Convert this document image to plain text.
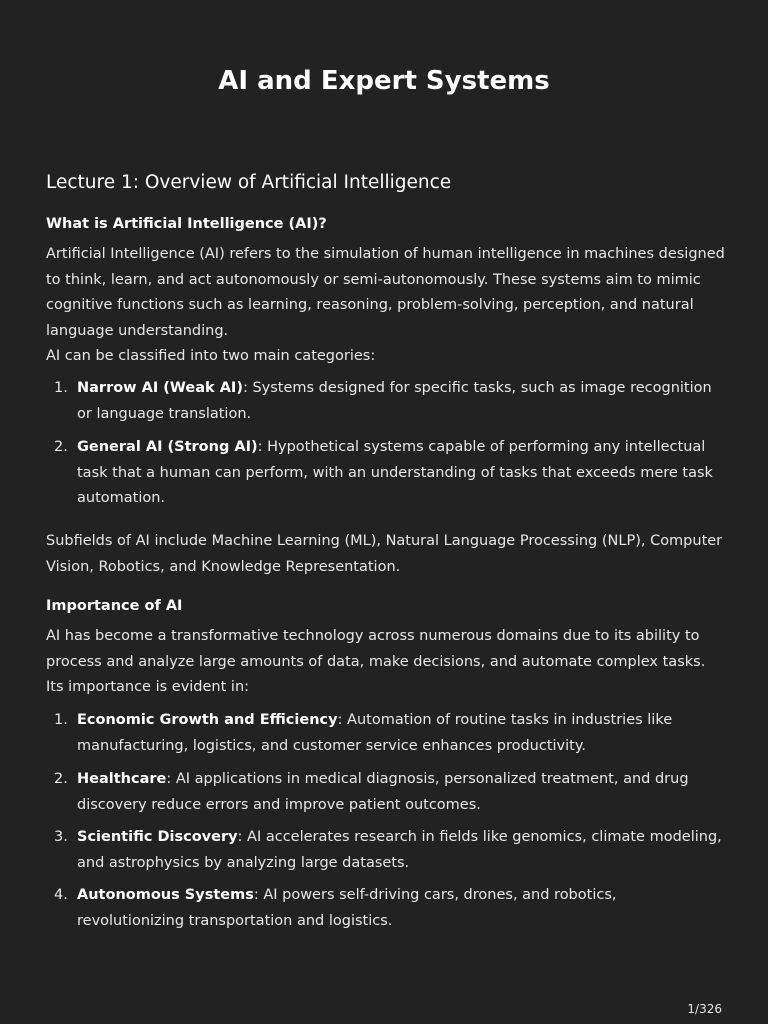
AI and Expert Systems
Lecture 1: Overview of Artificial Intelligence
What is Artificial Intelligence (AI)?

Artificial Intelligence (AI) refers to the simulation of human intelligence in machines designed to think, learn, and act autonomously or semi-autonomously. These systems aim to mimic cognitive functions such as learning, reasoning, problem-solving, perception, and natural language understanding.

AI can be classified into two main categories:

1. Narrow AI (Weak AI): Systems designed for specific tasks, such as image recognition or language translation.
2. General AI (Strong AI): Hypothetical systems capable of performing any intellectual task that a human can perform, with an understanding of tasks that exceeds mere task automation.

Subfields of AI include Machine Learning (ML), Natural Language Processing (NLP), Computer Vision, Robotics, and Knowledge Representation.

Importance of AI

AI has become a transformative technology across numerous domains due to its ability to process and analyze large amounts of data, make decisions, and automate complex tasks. Its importance is evident in:

1. Economic Growth and Efficiency: Automation of routine tasks in industries like manufacturing, logistics, and customer service enhances productivity.
2. Healthcare: AI applications in medical diagnosis, personalized treatment, and drug discovery reduce errors and improve patient outcomes.
3. Scientific Discovery: AI accelerates research in fields like genomics, climate modeling, and astrophysics by analyzing large datasets.
4. Autonomous Systems: AI powers self-driving cars, drones, and robotics, revolutionizing transportation and logistics.
1/326
